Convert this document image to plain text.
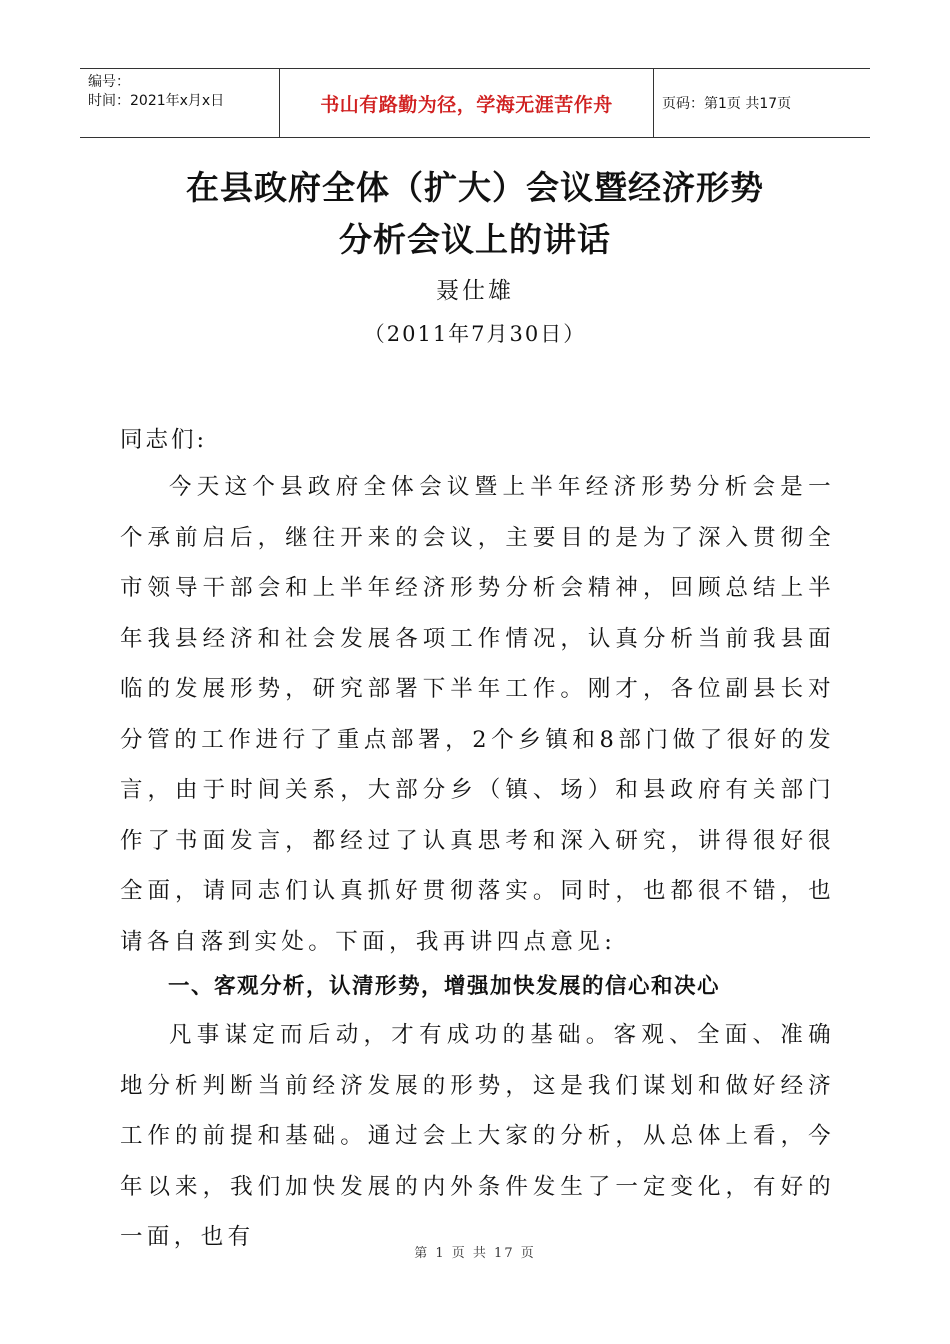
编号：
时间：2021年x月x日	书山有路勤为径，学海无涯苦作舟	页码：第1页 共17页
在县政府全体（扩大）会议暨经济形势
分析会议上的讲话
聂仕雄
（2011年7月30日）
同志们:
今天这个县政府全体会议暨上半年经济形势分析会是一个承前启后，继往开来的会议，主要目的是为了深入贯彻全市领导干部会和上半年经济形势分析会精神，回顾总结上半年我县经济和社会发展各项工作情况，认真分析当前我县面临的发展形势，研究部署下半年工作。刚才，各位副县长对分管的工作进行了重点部署，2个乡镇和8部门做了很好的发言，由于时间关系，大部分乡（镇、场）和县政府有关部门作了书面发言，都经过了认真思考和深入研究，讲得很好很全面，请同志们认真抓好贯彻落实。同时，也都很不错，也请各自落到实处。下面，我再讲四点意见:
一、客观分析，认清形势，增强加快发展的信心和决心
凡事谋定而后动，才有成功的基础。客观、全面、准确地分析判断当前经济发展的形势，这是我们谋划和做好经济工作的前提和基础。通过会上大家的分析，从总体上看，今年以来，我们加快发展的内外条件发生了一定变化，有好的一面，也有
第 1 页 共 17 页
